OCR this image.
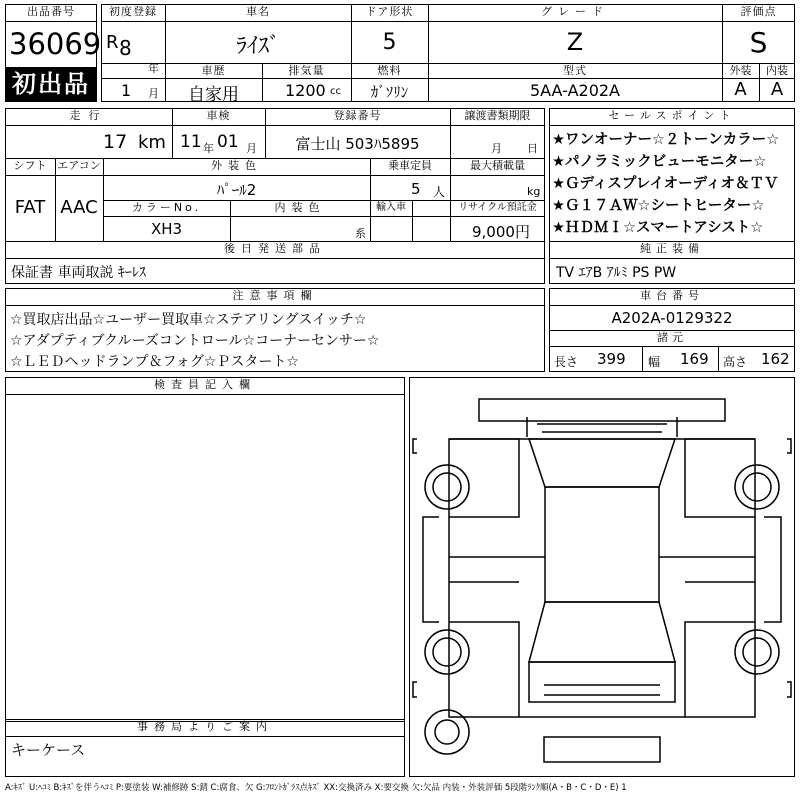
出品番号
36069
初出品
初度登録
R 8
年
1 月
車名
ﾗｲｽﾞ
ドア形状
5
グレード
Z
評価点
S
車歴	排気量	燃料	型式	外装	内装
自家用	1200 cc	ｶﾞｿﾘﾝ	5AA-A202A	A	A
走行
17 km
車検
11 年 01 月
登録番号
富士山 503ﾊ5895
譲渡書類期限
月 日
シフト
FAT
エアコン
AAC
外装色
ﾊﾟｰﾙ2
乗車定員
5 人
最大積載量
kg
カラーNo.
XH3
内装色
系
輸入車	リサイクル預託金
9,000円
後日発送部品
保証書 車両取説 ｷｰﾚｽ
セールスポイント
★ワンオーナー☆２トーンカラー☆
★パノラミックビューモニター☆
★Ｇディスプレイオーディオ＆ＴＶ
★Ｇ１７ＡＷ☆シートヒーター☆
★ＨＤＭＩ☆スマートアシスト☆
純正装備
TV ｴｱB ｱﾙﾐ PS PW
注意事項欄
☆買取店出品☆ユーザー買取車☆ステアリングスイッチ☆
☆アダプティブクルーズコントロール☆コーナーセンサー☆
☆ＬＥＤヘッドランプ＆フォグ☆Ｐスタート☆
車台番号
A202A-0129322
諸元
長さ 399 幅 169 高さ 162
検査員記入欄
事務局よりご案内
キーケース
A:ｷｽﾞ U:ﾍｺﾐ B:ｷｽﾞを伴うﾍｺﾐ P:要塗装 W:補修跡 S:錆 C:腐食、欠 G:ﾌﾛﾝﾄｶﾞﾗｽ点ｷｽﾞ XX:交換済み X:要交換 欠:欠品 内装・外装評価 5段階ﾗﾝｸ順(A・B・C・D・E) 1
